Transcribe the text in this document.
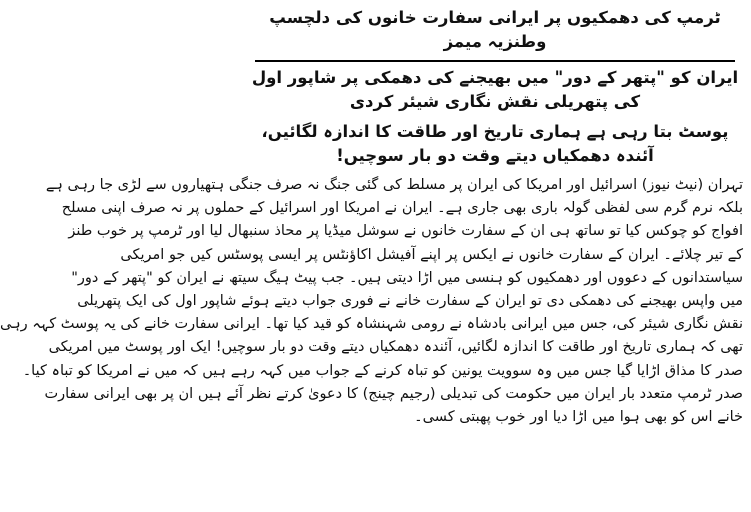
ٹرمپ کی دھمکیوں پر ایرانی سفارت خانوں کی دلچسپ وطنزیہ میمز
ایران کو "پتھر کے دور" میں بھیجنے کی دھمکی پر شاپور اول کی پتھریلی نقش نگاری شیئر کردی
پوسٹ بتا رہی ہے ہماری تاریخ اور طاقت کا اندازہ لگائیں، آئندہ دھمکیاں دیتے وقت دو بار سوچیں!
تہران (نیٹ نیوز) اسرائیل اور امریکا کی ایران پر مسلط کی گئی جنگ نہ صرف جنگی ہتھیاروں سے لڑی جا رہی ہے
بلکہ نرم گرم سی لفظی گولہ باری بھی جاری ہے۔ ایران نے امریکا اور اسرائیل کے حملوں پر نہ صرف اپنی مسلح
افواج کو چوکس کیا تو ساتھ ہی ان کے سفارت خانوں نے سوشل میڈیا پر محاذ سنبھال لیا اور ٹرمپ پر خوب طنز
کے تیر چلائے۔ ایران کے سفارت خانوں نے ایکس پر اپنے آفیشل اکاؤنٹس پر ایسی پوسٹس کیں جو امریکی
سیاستدانوں کے دعووں اور دھمکیوں کو ہنسی میں اڑا دیتی ہیں۔ جب پیٹ ہیگ سیتھ نے ایران کو "پتھر کے دور"
میں واپس بھیجنے کی دھمکی دی تو ایران کے سفارت خانے نے فوری جواب دیتے ہوئے شاپور اول کی ایک پتھریلی
نقش نگاری شیئر کی، جس میں ایرانی بادشاہ نے رومی شہنشاہ کو قید کیا تھا۔ ایرانی سفارت خانے کی یہ پوسٹ کہہ رہی
تھی کہ ہماری تاریخ اور طاقت کا اندازہ لگائیں، آئندہ دھمکیاں دیتے وقت دو بار سوچیں! ایک اور پوسٹ میں امریکی
صدر کا مذاق اڑایا گیا جس میں وہ سوویت یونین کو تباہ کرنے کے جواب میں کہہ رہے ہیں کہ میں نے امریکا کو تباہ کیا۔
صدر ٹرمپ متعدد بار ایران میں حکومت کی تبدیلی (رجیم چینج) کا دعویٰ کرتے نظر آئے ہیں ان پر بھی ایرانی سفارت
خانے اس کو بھی ہوا میں اڑا دیا اور خوب پھبتی کسی۔
